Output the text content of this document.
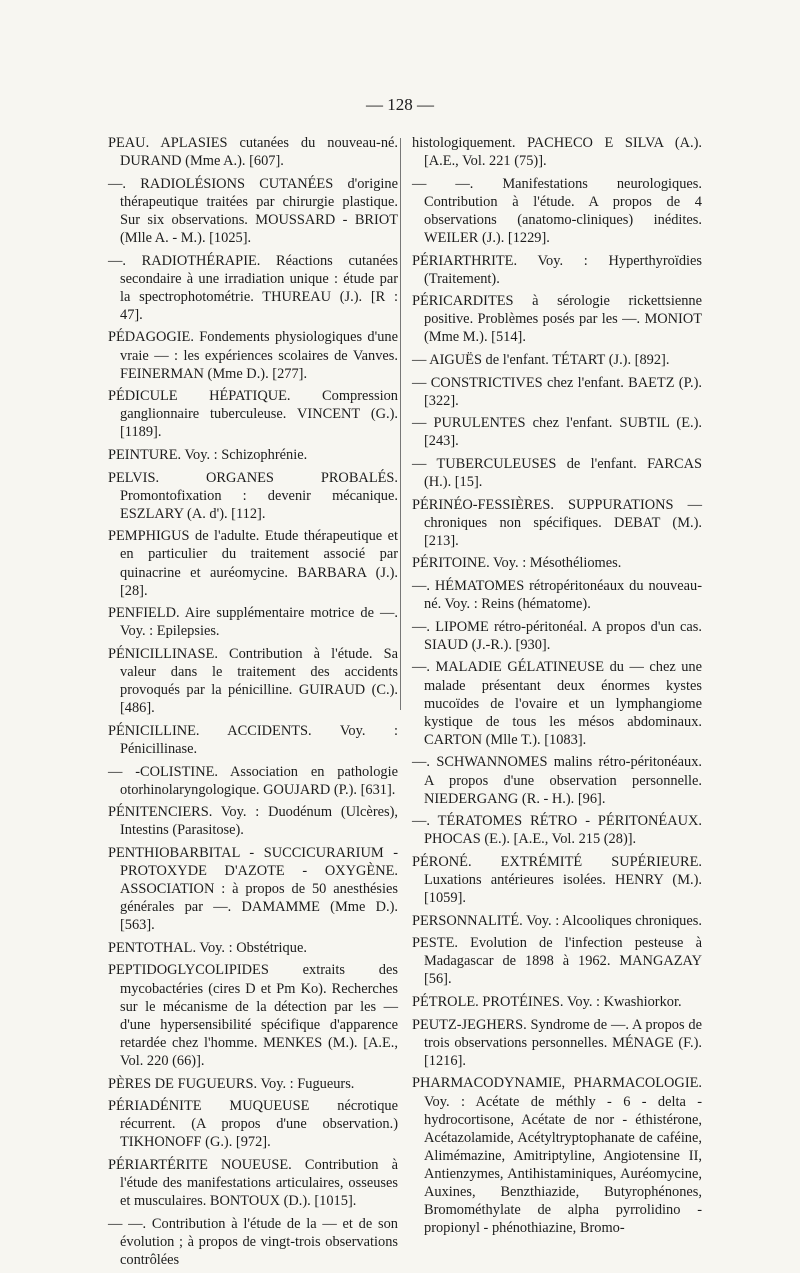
— 128 —

PEAU. APLASIES cutanées du nouveau-né. DURAND (Mme A.). [607].

—. RADIOLÉSIONS CUTANÉES d'origine thérapeutique traitées par chirurgie plastique. Sur six observations. MOUSSARD - BRIOT (Mlle A. - M.). [1025].

—. RADIOTHÉRAPIE. Réactions cutanées secondaire à une irradiation unique : étude par la spectrophotométrie. THUREAU (J.). [R : 47].

PÉDAGOGIE. Fondements physiologiques d'une vraie — : les expériences scolaires de Vanves. FEINERMAN (Mme D.). [277].

PÉDICULE HÉPATIQUE. Compression ganglionnaire tuberculeuse. VINCENT (G.). [1189].

PEINTURE. Voy. : Schizophrénie.

PELVIS. ORGANES PROBALÉS. Promontofixation : devenir mécanique. ESZLARY (A. d'). [112].

PEMPHIGUS de l'adulte. Etude thérapeutique et en particulier du traitement associé par quinacrine et auréomycine. BARBARA (J.). [28].

PENFIELD. Aire supplémentaire motrice de —. Voy. : Epilepsies.

PÉNICILLINASE. Contribution à l'étude. Sa valeur dans le traitement des accidents provoqués par la pénicilline. GUIRAUD (C.). [486].

PÉNICILLINE. ACCIDENTS. Voy. : Pénicillinase.

— -COLISTINE. Association en pathologie otorhinolaryngologique. GOUJARD (P.). [631].

PÉNITENCIERS. Voy. : Duodénum (Ulcères), Intestins (Parasitose).

PENTHIOBARBITAL - SUCCICURARIUM - PROTOXYDE D'AZOTE - OXYGÈNE. ASSOCIATION : à propos de 50 anesthésies générales par —. DAMAMME (Mme D.). [563].

PENTOTHAL. Voy. : Obstétrique.

PEPTIDOGLYCOLIPIDES extraits des mycobactéries (cires D et Pm Ko). Recherches sur le mécanisme de la détection par les — d'une hypersensibilité spécifique d'apparence retardée chez l'homme. MENKES (M.). [A.E., Vol. 220 (66)].

PÈRES DE FUGUEURS. Voy. : Fugueurs.

PÉRIADÉNITE MUQUEUSE nécrotique récurrent. (A propos d'une observation.) TIKHONOFF (G.). [972].

PÉRIARTÉRITE NOUEUSE. Contribution à l'étude des manifestations articulaires, osseuses et musculaires. BONTOUX (D.). [1015].

— —. Contribution à l'étude de la — et de son évolution ; à propos de vingt-trois observations contrôlées

histologiquement. PACHECO E SILVA (A.). [A.E., Vol. 221 (75)].

— —. Manifestations neurologiques. Contribution à l'étude. A propos de 4 observations (anatomo-cliniques) inédites. WEILER (J.). [1229].

PÉRIARTHRITE. Voy. : Hyperthyroïdies (Traitement).

PÉRICARDITES à sérologie rickettsienne positive. Problèmes posés par les —. MONIOT (Mme M.). [514].

— AIGUËS de l'enfant. TÉTART (J.). [892].

— CONSTRICTIVES chez l'enfant. BAETZ (P.). [322].

— PURULENTES chez l'enfant. SUBTIL (E.). [243].

— TUBERCULEUSES de l'enfant. FARCAS (H.). [15].

PÉRINÉO-FESSIÈRES. SUPPURATIONS — chroniques non spécifiques. DEBAT (M.). [213].

PÉRITOINE. Voy. : Mésothéliomes.

—. HÉMATOMES rétropéritonéaux du nouveau-né. Voy. : Reins (hématome).

—. LIPOME rétro-péritonéal. A propos d'un cas. SIAUD (J.-R.). [930].

—. MALADIE GÉLATINEUSE du — chez une malade présentant deux énormes kystes mucoïdes de l'ovaire et un lymphangiome kystique de tous les mésos abdominaux. CARTON (Mlle T.). [1083].

—. SCHWANNOMES malins rétro-péritonéaux. A propos d'une observation personnelle. NIEDERGANG (R. - H.). [96].

—. TÉRATOMES RÉTRO - PÉRITONÉAUX. PHOCAS (E.). [A.E., Vol. 215 (28)].

PÉRONÉ. EXTRÉMITÉ SUPÉRIEURE. Luxations antérieures isolées. HENRY (M.). [1059].

PERSONNALITÉ. Voy. : Alcooliques chroniques.

PESTE. Evolution de l'infection pesteuse à Madagascar de 1898 à 1962. MANGAZAY [56].

PÉTROLE. PROTÉINES. Voy. : Kwashiorkor.

PEUTZ-JEGHERS. Syndrome de —. A propos de trois observations personnelles. MÉNAGE (F.). [1216].

PHARMACODYNAMIE, PHARMACOLOGIE. Voy. : Acétate de méthly - 6 - delta - hydrocortisone, Acétate de nor - éthistérone, Acétazolamide, Acétyltryptophanate de caféine, Alimémazine, Amitriptyline, Angiotensine II, Antienzymes, Antihistaminiques, Auréomycine, Auxines, Benzthiazide, Butyrophénones, Bromométhylate de alpha pyrrolidino - propionyl - phénothiazine, Bromo-
